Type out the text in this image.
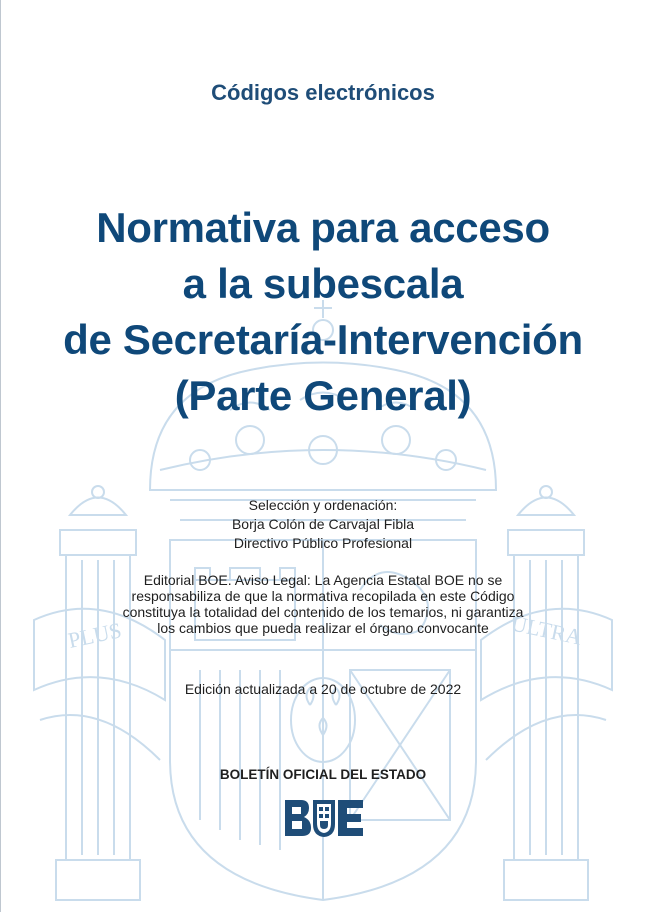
PLUS	ULTRA
Códigos electrónicos
Normativa para acceso
a la subescala
de Secretaría-Intervención
(Parte General)
Selección y ordenación:
Borja Colón de Carvajal Fibla
Directivo Público Profesional
Editorial BOE. Aviso Legal: La Agencia Estatal BOE no se
responsabiliza de que la normativa recopilada en este Código
constituya la totalidad del contenido de los temarios, ni garantiza
los cambios que pueda realizar el órgano convocante
Edición actualizada a 20 de octubre de 2022
BOLETÍN OFICIAL DEL ESTADO
BOE
